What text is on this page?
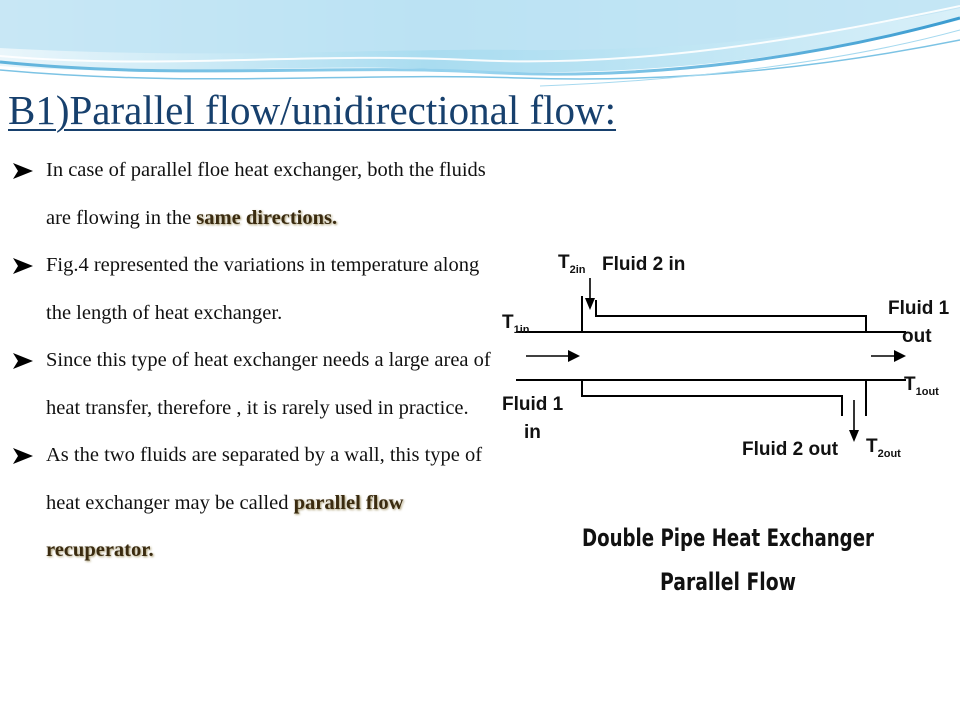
B1)Parallel flow/unidirectional flow:
In case of parallel floe heat exchanger, both the fluids are flowing in the same directions.
Fig.4 represented the variations in temperature along the length of heat exchanger.
Since this type of heat exchanger needs a large area of heat transfer, therefore , it is rarely used in practice.
As the two fluids are separated by a wall, this type of heat exchanger may be called parallel flow recuperator.
$T_{2in}$ Fluid 2 in
$T_{1in}$
Fluid 1
out
$T_{1out}$
Fluid 1
in
Fluid 2 out $T_{2out}$
Double Pipe Heat Exchanger
Parallel Flow
